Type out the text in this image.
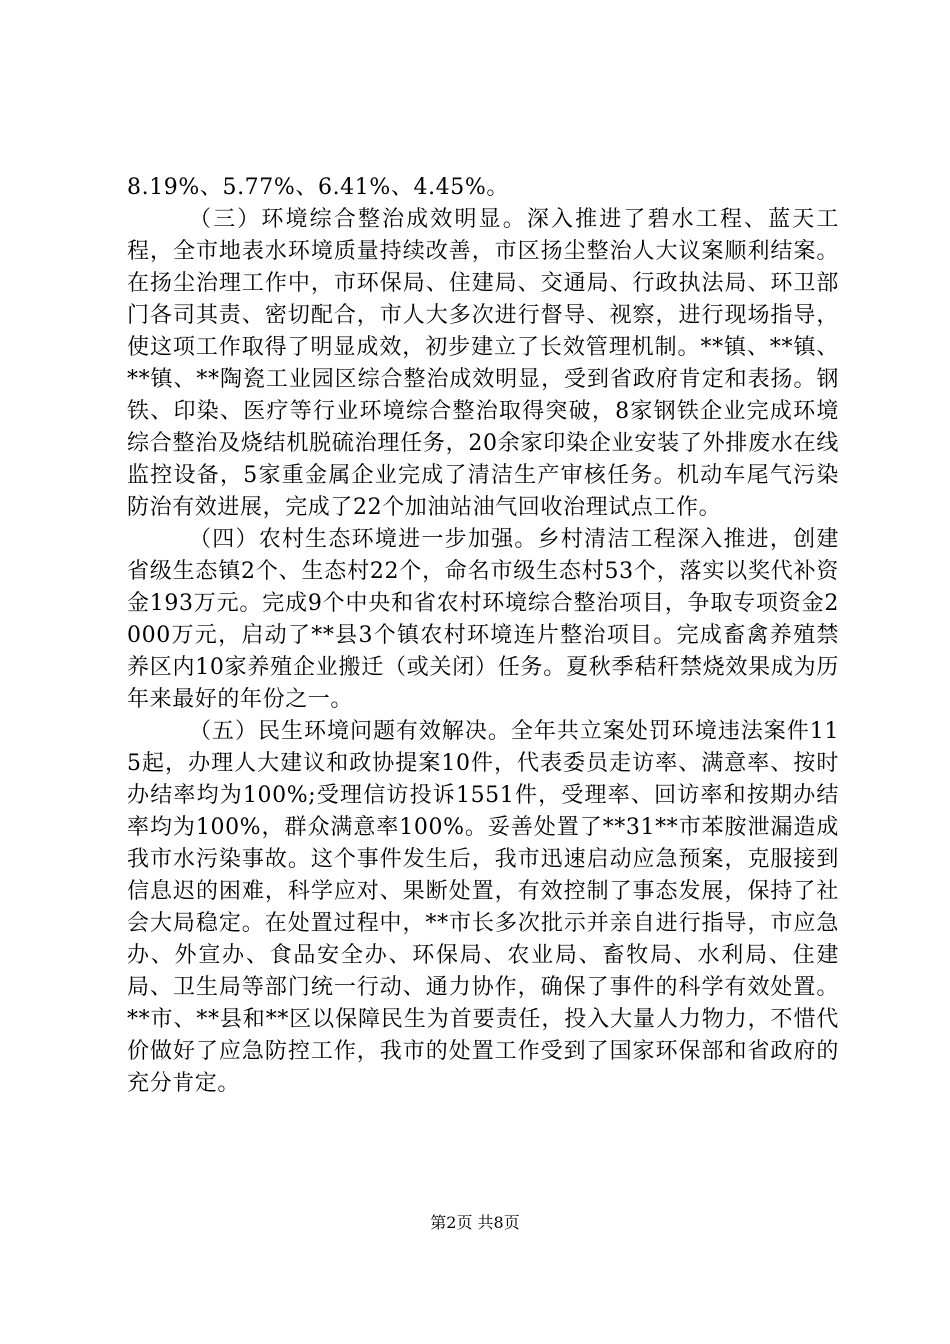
8.19%、5.77%、6.41%、4.45%。

（三）环境综合整治成效明显。深入推进了碧水工程、蓝天工程，全市地表水环境质量持续改善，市区扬尘整治人大议案顺利结案。在扬尘治理工作中，市环保局、住建局、交通局、行政执法局、环卫部门各司其责、密切配合，市人大多次进行督导、视察，进行现场指导，使这项工作取得了明显成效，初步建立了长效管理机制。**镇、**镇、**镇、**陶瓷工业园区综合整治成效明显，受到省政府肯定和表扬。钢铁、印染、医疗等行业环境综合整治取得突破，8家钢铁企业完成环境综合整治及烧结机脱硫治理任务，20余家印染企业安装了外排废水在线监控设备，5家重金属企业完成了清洁生产审核任务。机动车尾气污染防治有效进展，完成了22个加油站油气回收治理试点工作。

（四）农村生态环境进一步加强。乡村清洁工程深入推进，创建省级生态镇2个、生态村22个，命名市级生态村53个，落实以奖代补资金193万元。完成9个中央和省农村环境综合整治项目，争取专项资金2000万元，启动了**县3个镇农村环境连片整治项目。完成畜禽养殖禁养区内10家养殖企业搬迁（或关闭）任务。夏秋季秸秆禁烧效果成为历年来最好的年份之一。

（五）民生环境问题有效解决。全年共立案处罚环境违法案件115起，办理人大建议和政协提案10件，代表委员走访率、满意率、按时办结率均为100%;受理信访投诉1551件，受理率、回访率和按期办结率均为100%，群众满意率100%。妥善处置了**31**市苯胺泄漏造成我市水污染事故。这个事件发生后，我市迅速启动应急预案，克服接到信息迟的困难，科学应对、果断处置，有效控制了事态发展，保持了社会大局稳定。在处置过程中，**市长多次批示并亲自进行指导，市应急办、外宣办、食品安全办、环保局、农业局、畜牧局、水利局、住建局、卫生局等部门统一行动、通力协作，确保了事件的科学有效处置。**市、**县和**区以保障民生为首要责任，投入大量人力物力，不惜代价做好了应急防控工作，我市的处置工作受到了国家环保部和省政府的充分肯定。

第2页 共8页
